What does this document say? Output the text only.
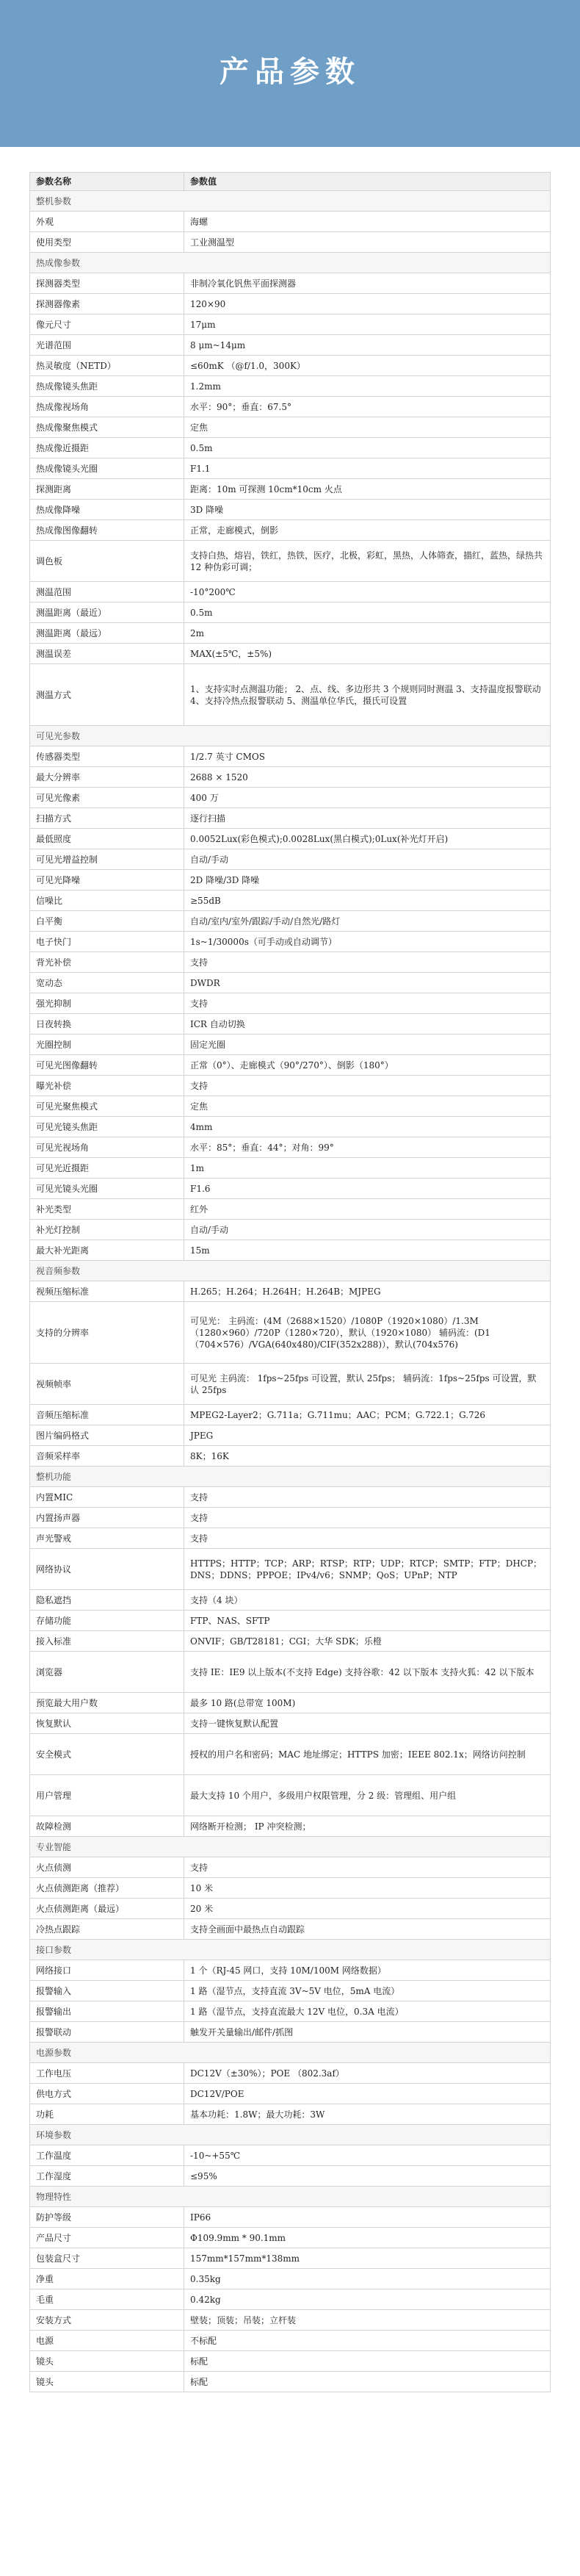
产品参数
参数名称	参数值
整机参数	
外观	海螺
使用类型	工业测温型
热成像参数	
探测器类型	非制冷氧化钒焦平面探测器
探测器像素	120×90
像元尺寸	17μm
光谱范围	8 μm~14μm
热灵敏度（NETD）	≤60mK （@f/1.0，300K）
热成像镜头焦距	1.2mm
热成像视场角	水平：90°；垂直：67.5°
热成像聚焦模式	定焦
热成像近摄距	0.5m
热成像镜头光圈	F1.1
探测距离	距离：10m 可探测 10cm*10cm 火点
热成像降噪	3D 降噪
热成像图像翻转	正常，走廊模式，倒影
调色板	支持白热，熔岩，铁红，热铁，医疗，北极，彩虹，黑热，人体筛查，描红，蓝热，绿热共 12 种伪彩可调；
测温范围	-10°200℃
测温距离（最近）	0.5m
测温距离（最远）	2m
测温误差	MAX(±5℃，±5%)
测温方式	1、支持实时点测温功能； 2、点、线、多边形共 3 个规则同时测温 3、支持温度报警联动 4、支持冷热点报警联动 5、测温单位华氏，摄氏可设置
可见光参数	
传感器类型	1/2.7 英寸 CMOS
最大分辨率	2688 × 1520
可见光像素	400 万
扫描方式	逐行扫描
最低照度	0.0052Lux(彩色模式);0.0028Lux(黑白模式);0Lux(补光灯开启)
可见光增益控制	自动/手动
可见光降噪	2D 降噪/3D 降噪
信噪比	≥55dB
白平衡	自动/室内/室外/跟踪/手动/自然光/路灯
电子快门	1s~1/30000s（可手动或自动调节）
背光补偿	支持
宽动态	DWDR
强光抑制	支持
日夜转换	ICR 自动切换
光圈控制	固定光圈
可见光图像翻转	正常（0°）、走廊模式（90°/270°）、倒影（180°）
曝光补偿	支持
可见光聚焦模式	定焦
可见光镜头焦距	4mm
可见光视场角	水平：85°；垂直：44°；对角：99°
可见光近摄距	1m
可见光镜头光圈	F1.6
补光类型	红外
补光灯控制	自动/手动
最大补光距离	15m
视音频参数	
视频压缩标准	H.265；H.264；H.264H；H.264B；MJPEG
支持的分辨率	可见光： 主码流：(4M（2688×1520）/1080P（1920×1080）/1.3M（1280×960）/720P（1280×720），默认（1920×1080） 辅码流：(D1（704×576）/VGA(640x480)/CIF(352x288)），默认(704x576)
视频帧率	可见光 主码流： 1fps~25fps 可设置，默认 25fps； 辅码流：1fps~25fps 可设置，默认 25fps
音频压缩标准	MPEG2-Layer2；G.711a；G.711mu；AAC；PCM；G.722.1；G.726
图片编码格式	JPEG
音频采样率	8K；16K
整机功能	
内置MIC	支持
内置扬声器	支持
声光警戒	支持
网络协议	HTTPS；HTTP；TCP；ARP；RTSP；RTP；UDP；RTCP；SMTP；FTP；DHCP；DNS；DDNS；PPPOE；IPv4/v6；SNMP；QoS；UPnP；NTP
隐私遮挡	支持（4 块）
存储功能	FTP、NAS、SFTP
接入标准	ONVIF；GB/T28181；CGI；大华 SDK；乐橙
浏览器	支持 IE：IE9 以上版本(不支持 Edge) 支持谷歌：42 以下版本 支持火狐：42 以下版本
预览最大用户数	最多 10 路(总带宽 100M)
恢复默认	支持一键恢复默认配置
安全模式	授权的用户名和密码；MAC 地址绑定；HTTPS 加密；IEEE 802.1x；网络访问控制
用户管理	最大支持 10 个用户，多级用户权限管理，分 2 级：管理组、用户组
故障检测	网络断开检测； IP 冲突检测；
专业智能	
火点侦测	支持
火点侦测距离（推荐）	10 米
火点侦测距离（最远）	20 米
冷热点跟踪	支持全画面中最热点自动跟踪
接口参数	
网络接口	1 个（RJ-45 网口，支持 10M/100M 网络数据）
报警输入	1 路（湿节点，支持直流 3V~5V 电位，5mA 电流）
报警输出	1 路（湿节点，支持直流最大 12V 电位，0.3A 电流）
报警联动	触发开关量输出/邮件/抓图
电源参数	
工作电压	DC12V（±30%）；POE （802.3af）
供电方式	DC12V/POE
功耗	基本功耗：1.8W；最大功耗：3W
环境参数	
工作温度	-10~+55℃
工作湿度	≤95%
物理特性	
防护等级	IP66
产品尺寸	Φ109.9mm * 90.1mm
包装盒尺寸	157mm*157mm*138mm
净重	0.35kg
毛重	0.42kg
安装方式	壁装；顶装；吊装；立杆装
电源	不标配
镜头	标配
镜头	标配
